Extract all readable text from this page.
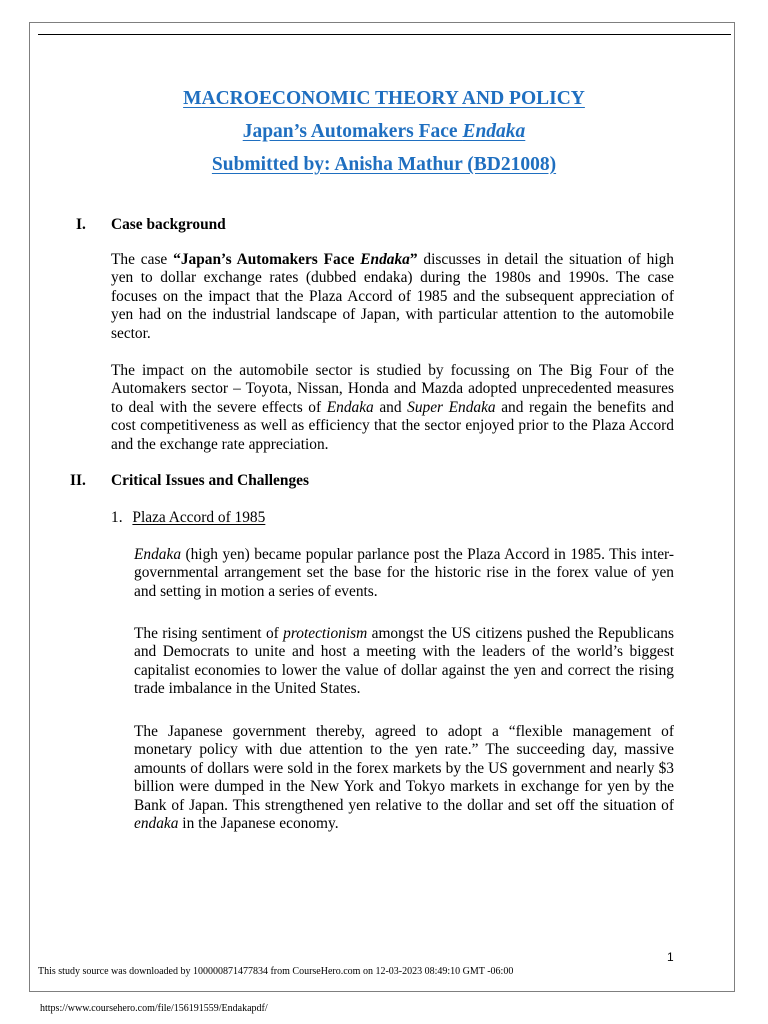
MACROECONOMIC THEORY AND POLICY
Japan’s Automakers Face Endaka
Submitted by: Anisha Mathur (BD21008)
I. Case background
The case “Japan’s Automakers Face Endaka” discusses in detail the situation of high yen to dollar exchange rates (dubbed endaka) during the 1980s and 1990s. The case focuses on the impact that the Plaza Accord of 1985 and the subsequent appreciation of yen had on the industrial landscape of Japan, with particular attention to the automobile sector.
The impact on the automobile sector is studied by focussing on The Big Four of the Automakers sector – Toyota, Nissan, Honda and Mazda adopted unprecedented measures to deal with the severe effects of Endaka and Super Endaka and regain the benefits and cost competitiveness as well as efficiency that the sector enjoyed prior to the Plaza Accord and the exchange rate appreciation.
II. Critical Issues and Challenges
1. Plaza Accord of 1985
Endaka (high yen) became popular parlance post the Plaza Accord in 1985. This inter-governmental arrangement set the base for the historic rise in the forex value of yen and setting in motion a series of events.
The rising sentiment of protectionism amongst the US citizens pushed the Republicans and Democrats to unite and host a meeting with the leaders of the world’s biggest capitalist economies to lower the value of dollar against the yen and correct the rising trade imbalance in the United States.
The Japanese government thereby, agreed to adopt a “flexible management of monetary policy with due attention to the yen rate.” The succeeding day, massive amounts of dollars were sold in the forex markets by the US government and nearly $3 billion were dumped in the New York and Tokyo markets in exchange for yen by the Bank of Japan. This strengthened yen relative to the dollar and set off the situation of endaka in the Japanese economy.
1
This study source was downloaded by 100000871477834 from CourseHero.com on 12-03-2023 08:49:10 GMT -06:00
https://www.coursehero.com/file/156191559/Endakapdf/
